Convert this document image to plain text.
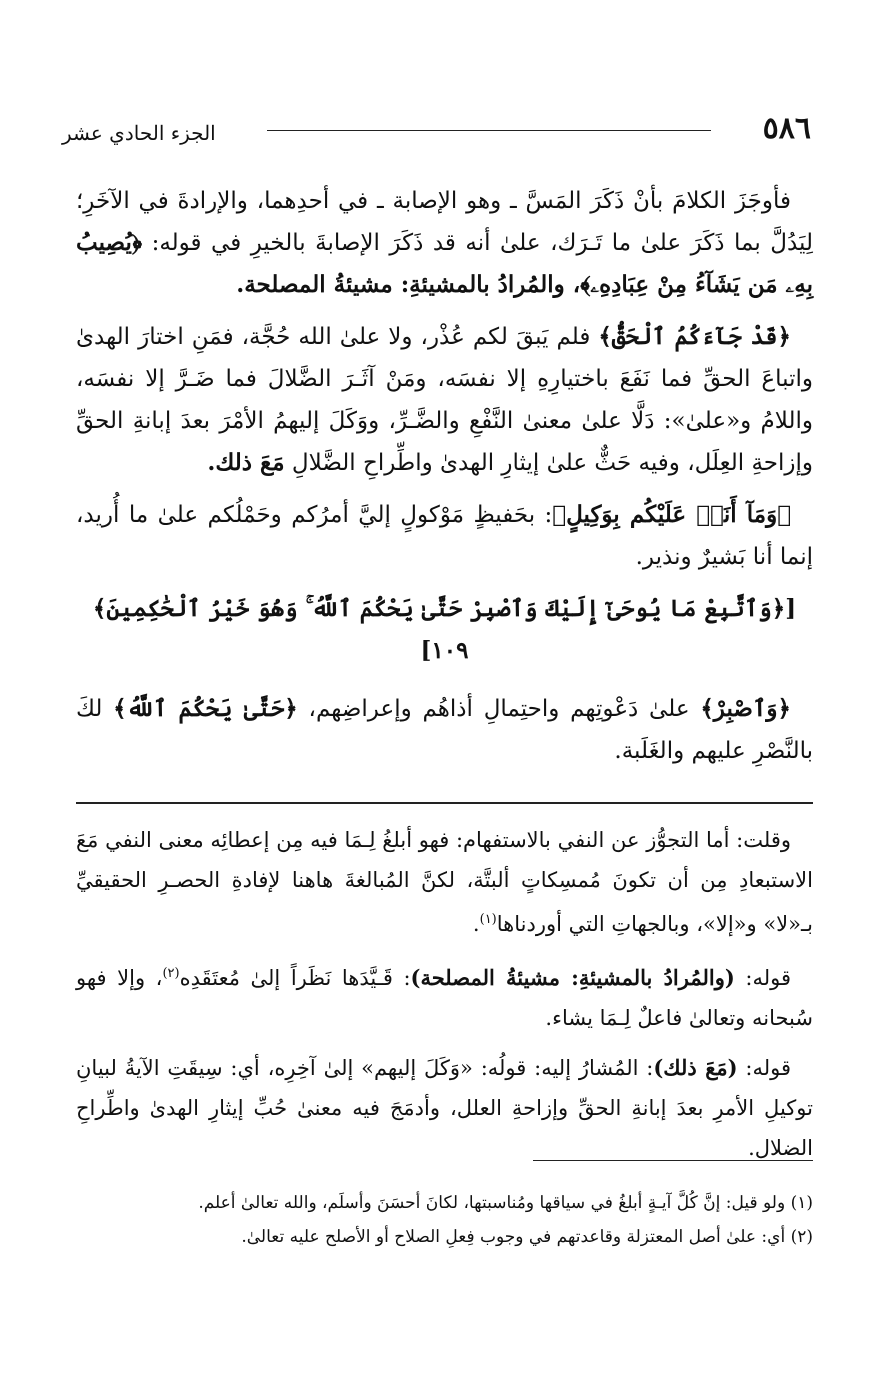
٥٨٦
الجزء الحادي عشر

فأوجَزَ الكلامَ بأنْ ذَكَرَ المَسَّ ـ وهو الإصابة ـ في أحدِهما، والإرادةَ في الآخَرِ؛ لِيَدُلَّ بما ذَكَرَ علىٰ ما تَـرَك، علىٰ أنه قد ذَكَرَ الإصابةَ بالخيرِ في قوله: ﴿يُصِيبُ بِهِۦ مَن يَشَآءُ مِنْ عِبَادِهِۦ﴾، والمُرادُ بالمشيئةِ: مشيئةُ المصلحة.

﴿قَدْ جَآءَكُمُ ٱلْحَقُّ﴾ فلم يَبقَ لكم عُذْر، ولا علىٰ الله حُجَّة، فمَنِ اختارَ الهدىٰ واتباعَ الحقِّ فما نَفَعَ باختيارِهِ إلا نفسَه، ومَنْ آثَـرَ الضَّلالَ فما ضَـرَّ إلا نفسَه، واللامُ و«علىٰ»: دَلَّا علىٰ معنىٰ النَّفْعِ والضَّـرِّ، ووَكَلَ إليهمُ الأمْرَ بعدَ إبانةِ الحقِّ وإزاحةِ العِلَل، وفيه حَثٌّ علىٰ إيثارِ الهدىٰ واطِّراحِ الضَّلالِ مَعَ ذلك.

﴿وَمَآ أَنَا۠ عَلَيْكُم بِوَكِيلٍ﴾: بحَفيظٍ مَوْكولٍ إليَّ أمرُكم وحَمْلُكم علىٰ ما أُريد، إنما أنا بَشيرٌ ونذير.

[﴿وَٱتَّبِعْ مَا يُوحَىٰٓ إِلَيْكَ وَٱصْبِرْ حَتَّىٰ يَحْكُمَ ٱللَّهُ ۚ وَهُوَ خَيْرُ ٱلْحَٰكِمِينَ﴾ ١٠٩]

﴿وَٱصْبِرْ﴾ علىٰ دَعْوتِهم واحتِمالِ أذاهُم وإعراضِهم، ﴿حَتَّىٰ يَحْكُمَ ٱللَّهُ﴾ لكَ بالنَّصْرِ عليهم والغَلَبة.

وقلت: أما التجوُّز عن النفي بالاستفهام: فهو أبلغُ لِـمَا فيه مِن إعطائِه معنى النفي مَعَ الاستبعادِ مِن أن تكونَ مُمسِكاتٍ ألبتَّة، لكنَّ المُبالغةَ هاهنا لإفادةِ الحصـرِ الحقيقيِّ بـ«لا» و«إلا»، وبالجهاتِ التي أوردناها$^{(١)}$.

قوله: (والمُرادُ بالمشيئةِ: مشيئةُ المصلحة): قَـيَّدَها نَظَراً إلىٰ مُعتَقَدِه$^{(٢)}$، وإلا فهو سُبحانه وتعالىٰ فاعلٌ لِـمَا يشاء.

قوله: (مَعَ ذلك): المُشارُ إليه: قولُه: «وَكَلَ إليهم» إلىٰ آخِرِه، أي: سِيقَتِ الآيةُ لبيانِ توكيلِ الأمرِ بعدَ إبانةِ الحقِّ وإزاحةِ العلل، وأدمَجَ فيه معنىٰ حُبِّ إيثارِ الهدىٰ واطِّراحِ الضلال.

(١) ولو قيل: إنَّ كُلَّ آيـةٍ أبلغُ في سياقها ومُناسبتها، لكانَ أحسَنَ وأسلَم، والله تعالىٰ أعلم.

(٢) أي: علىٰ أصل المعتزلة وقاعدتهم في وجوب فِعلِ الصلاح أو الأصلح عليه تعالىٰ.
